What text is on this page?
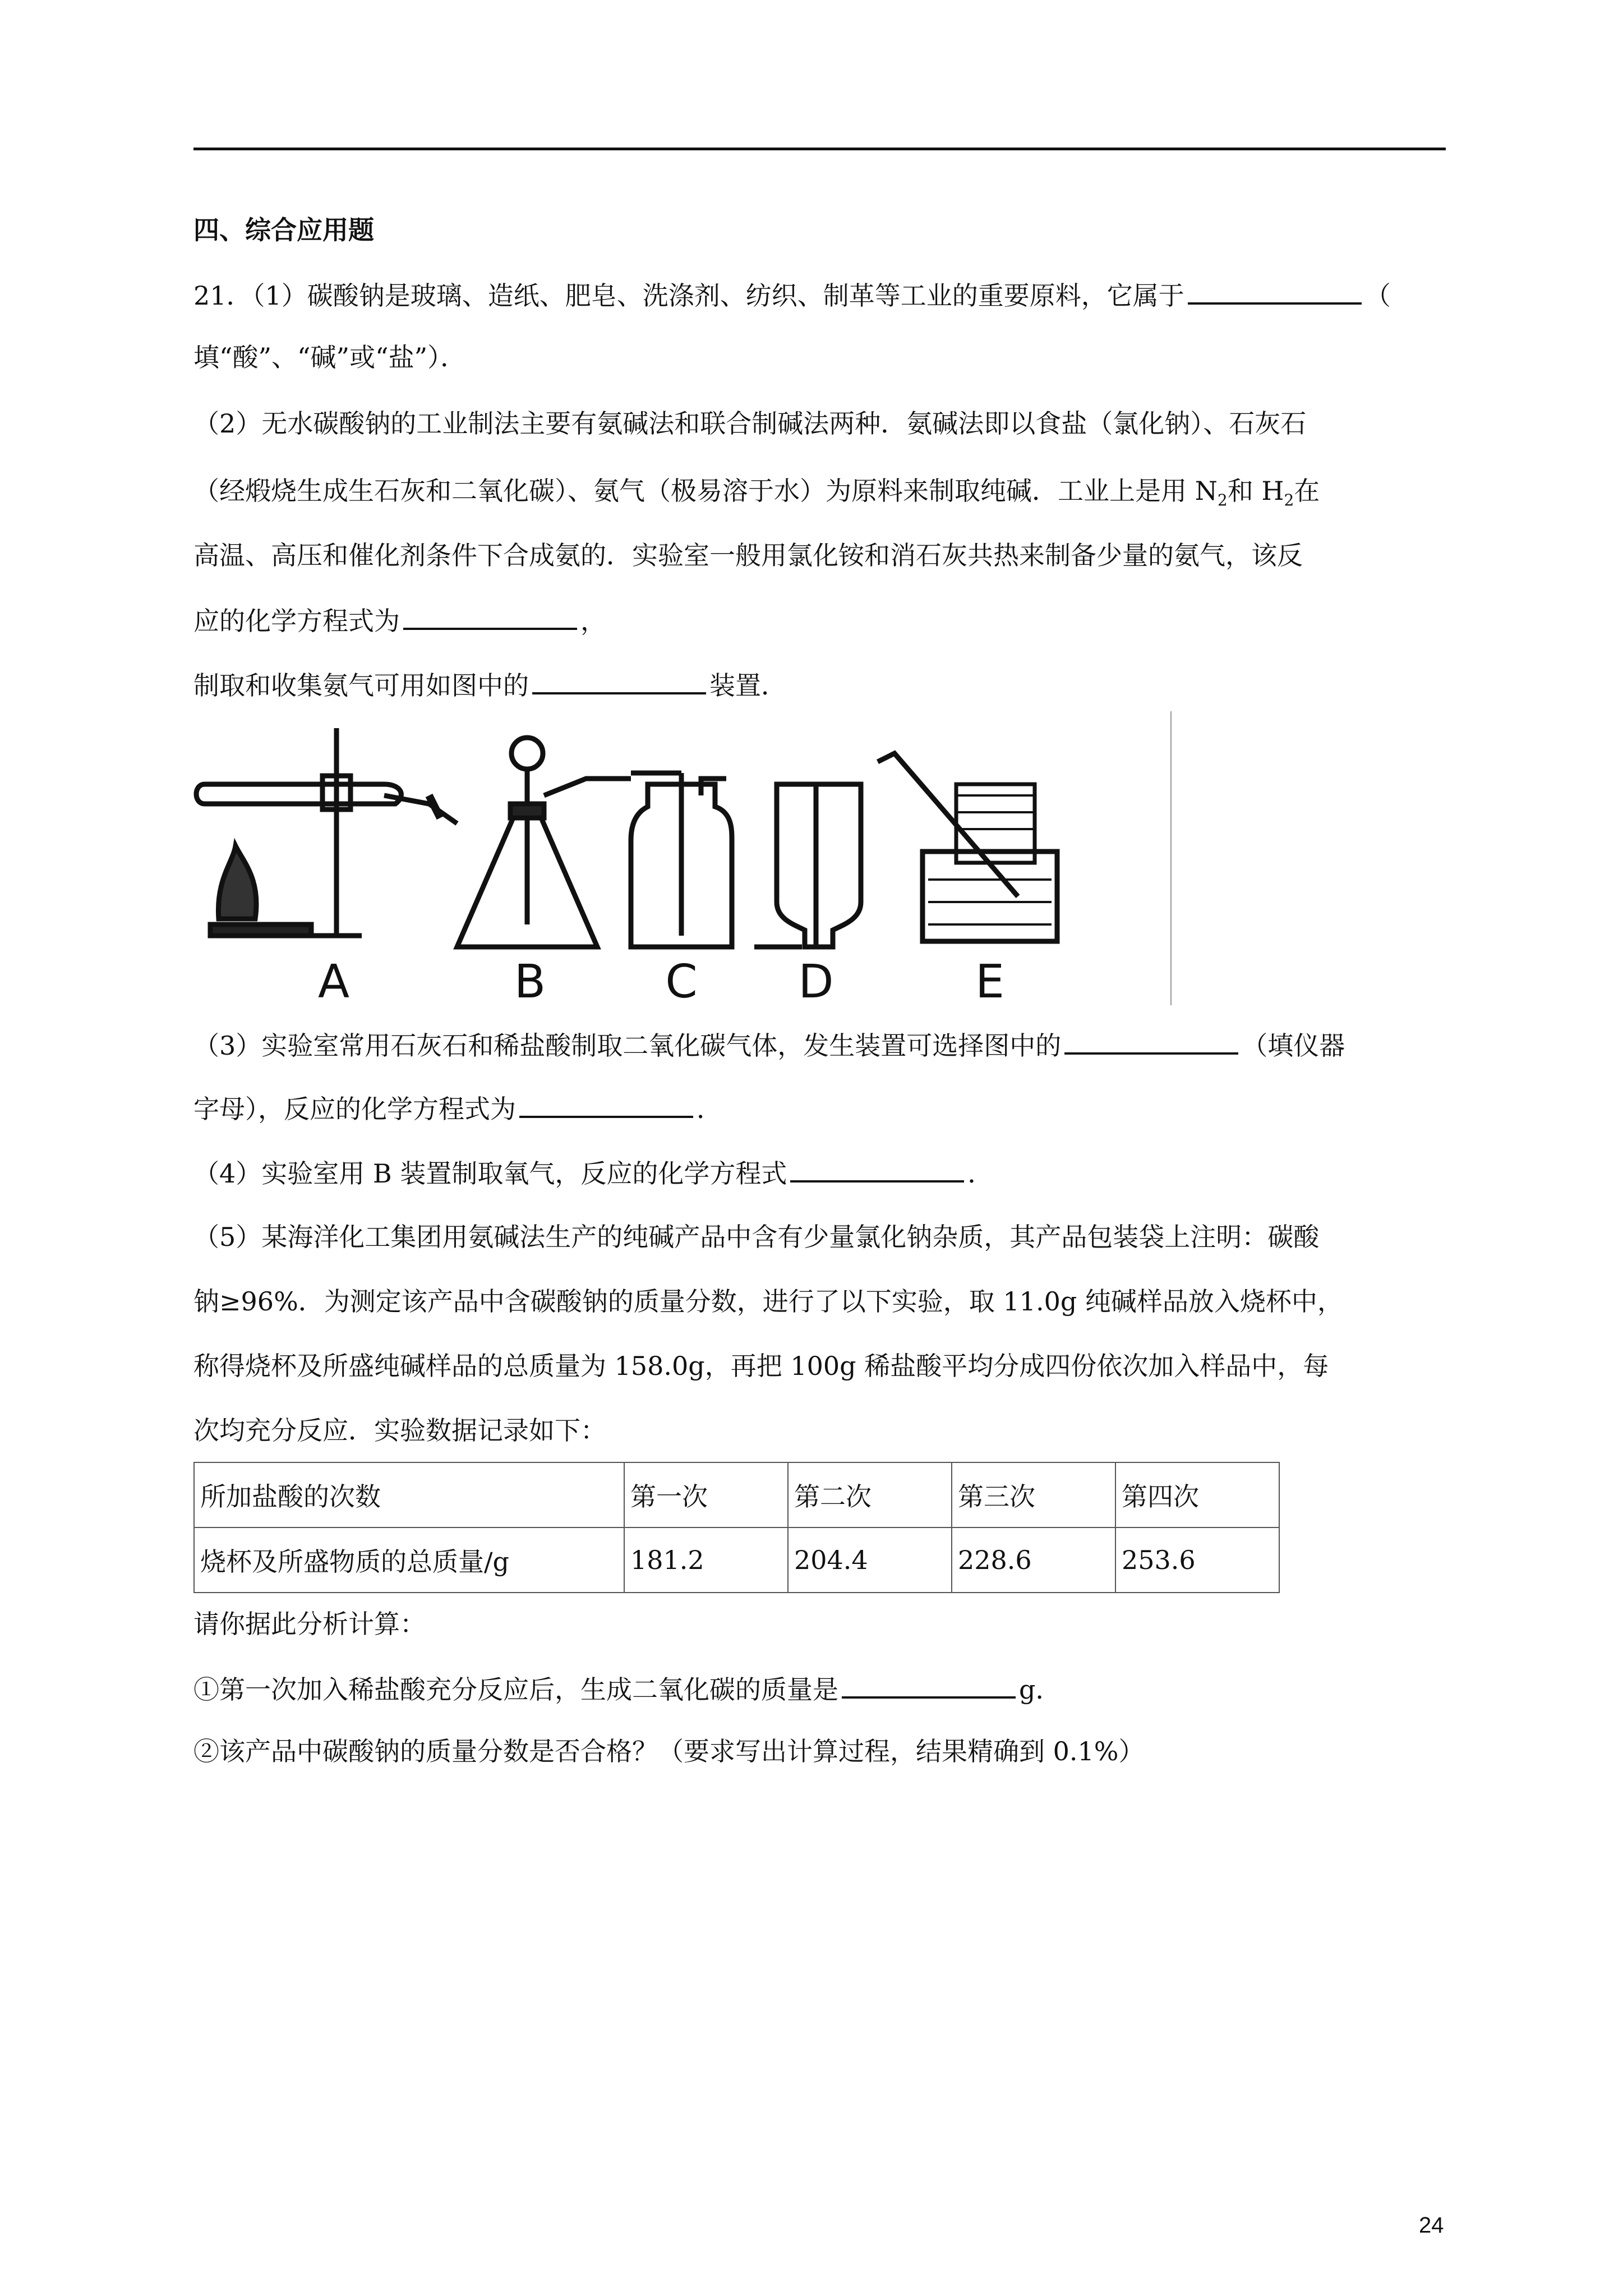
四、综合应用题
21．（1）碳酸钠是玻璃、造纸、肥皂、洗涤剂、纺织、制革等工业的重要原料，它属于	（
填“酸”、“碱”或“盐”）．
（2）无水碳酸钠的工业制法主要有氨碱法和联合制碱法两种．氨碱法即以食盐（氯化钠）、石灰石
（经煅烧生成生石灰和二氧化碳）、氨气（极易溶于水）为原料来制取纯碱．工业上是用 $N_2$和 $H_2$在
高温、高压和催化剂条件下合成氨的．实验室一般用氯化铵和消石灰共热来制备少量的氨气，该反
应的化学方程式为	，
制取和收集氨气可用如图中的	装置．
A	B	C D	E
（3）实验室常用石灰石和稀盐酸制取二氧化碳气体，发生装置可选择图中的	（填仪器
字母），反应的化学方程式为	．
（4）实验室用 B 装置制取氧气，反应的化学方程式	．
（5）某海洋化工集团用氨碱法生产的纯碱产品中含有少量氯化钠杂质，其产品包装袋上注明：碳酸
钠≥96%．为测定该产品中含碳酸钠的质量分数，进行了以下实验，取 11.0g 纯碱样品放入烧杯中，
称得烧杯及所盛纯碱样品的总质量为 158.0g，再把 100g 稀盐酸平均分成四份依次加入样品中，每
次均充分反应．实验数据记录如下：
所加盐酸的次数	第一次	第二次	第三次	第四次
烧杯及所盛物质的总质量/g	181.2	204.4	228.6	253.6
请你据此分析计算：
①第一次加入稀盐酸充分反应后，生成二氧化碳的质量是	g．
②该产品中碳酸钠的质量分数是否合格？（要求写出计算过程，结果精确到 0.1%）
24
